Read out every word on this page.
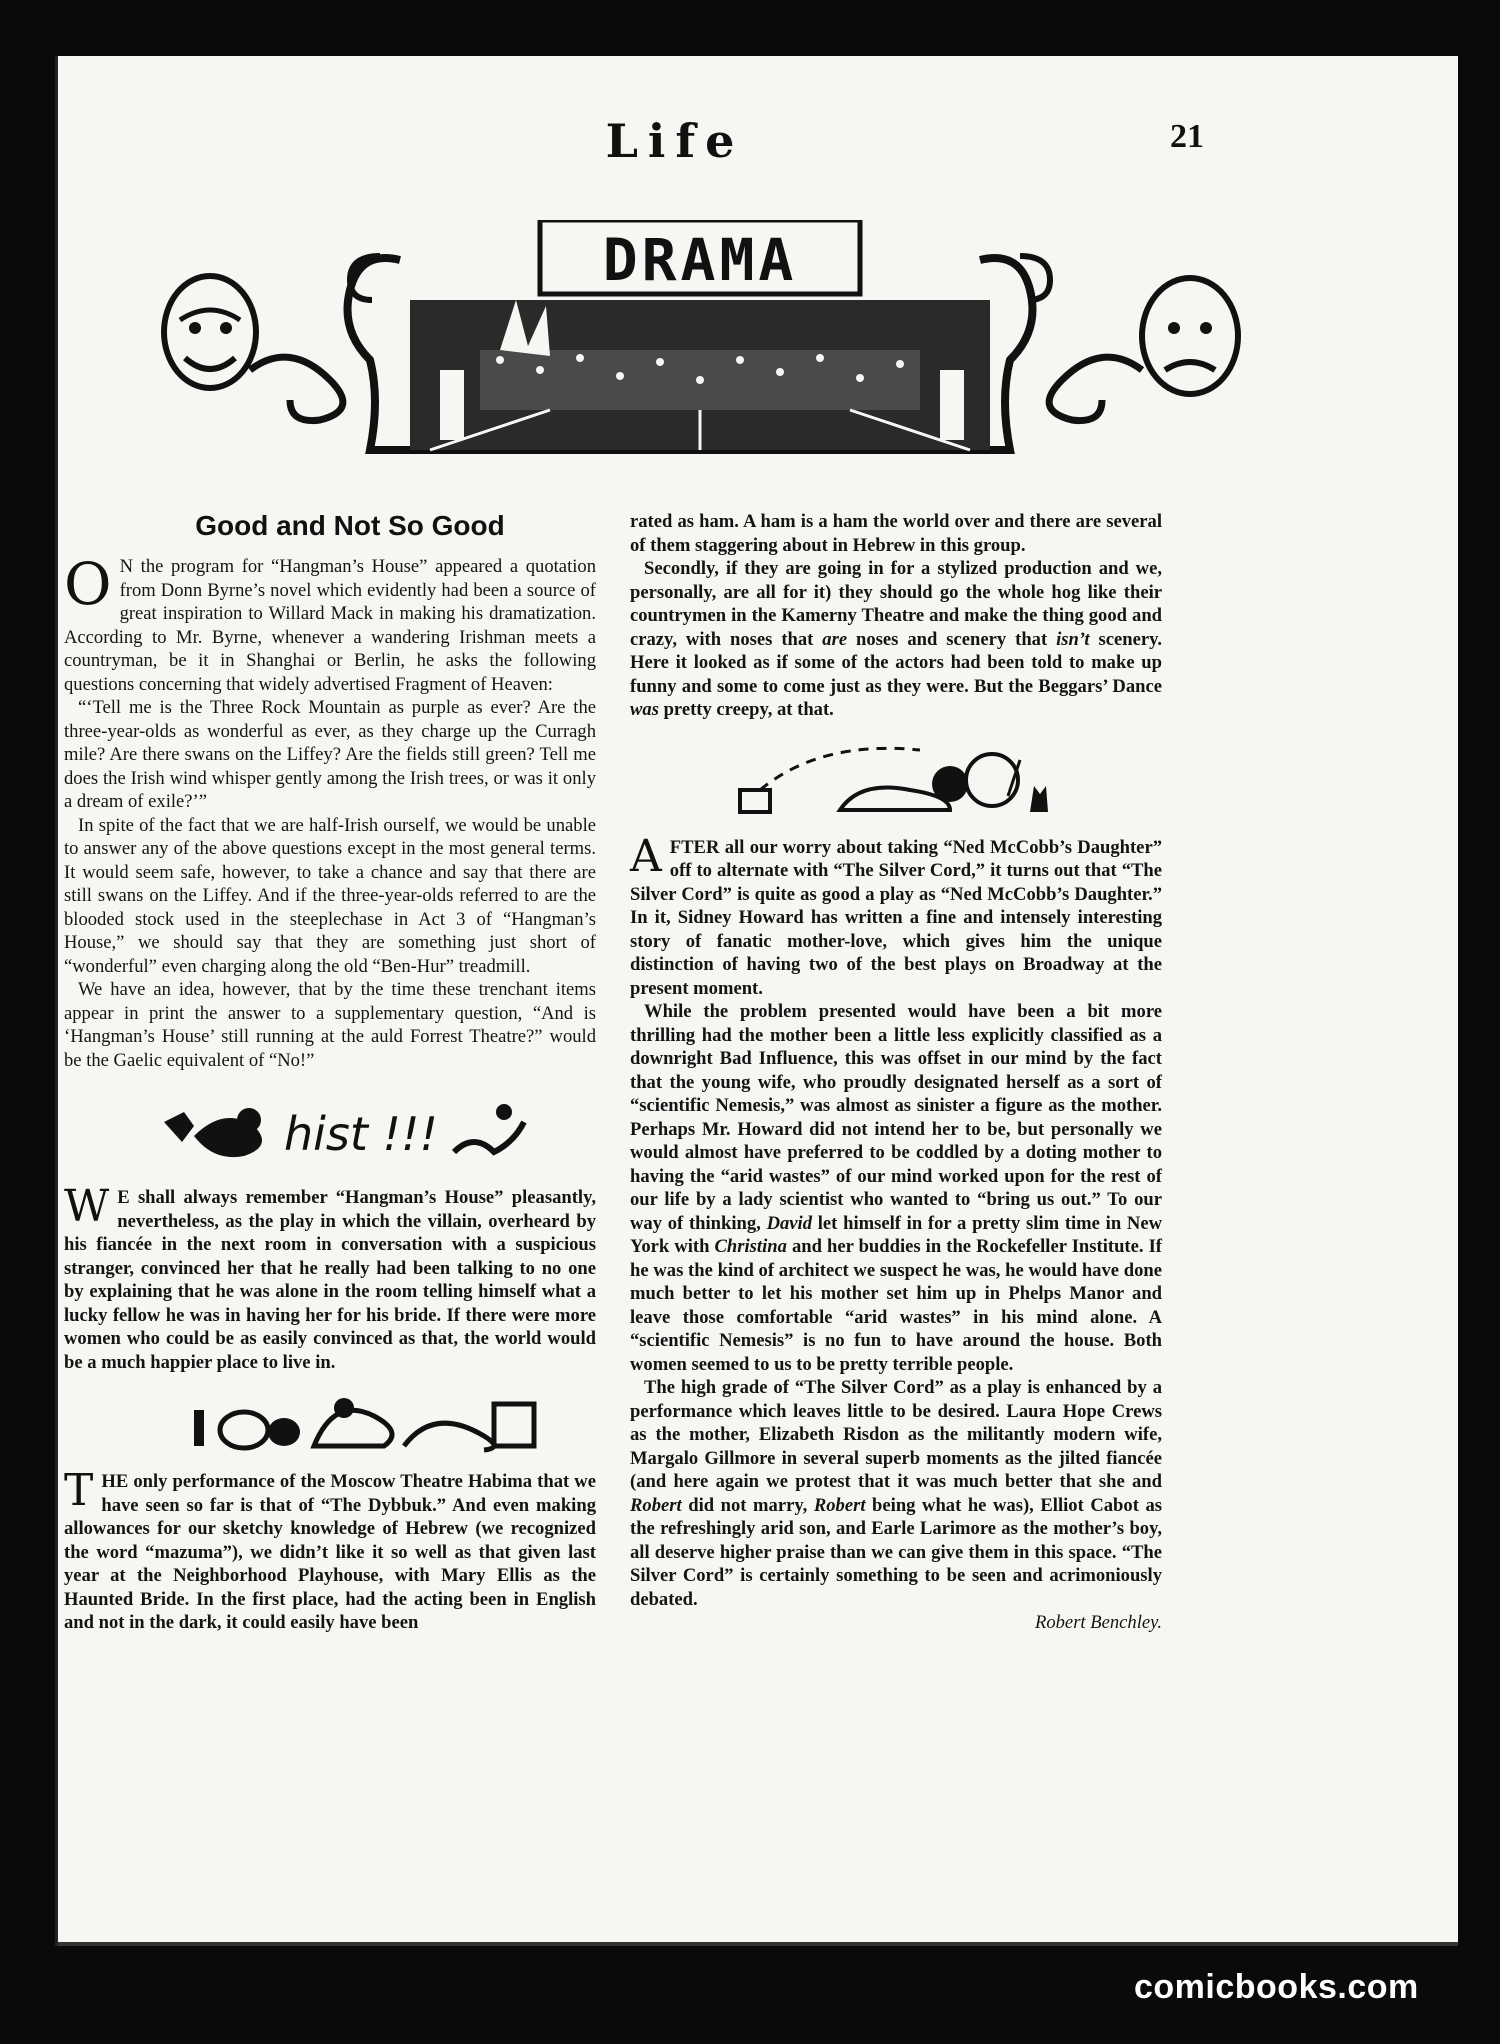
Life	21
DRAMA
Good and Not So Good

O N the program for “Hangman’s House” appeared a quotation from Donn Byrne’s novel which evidently had been a source of great inspiration to Willard Mack in making his dramatization. According to Mr. Byrne, whenever a wandering Irishman meets a countryman, be it in Shanghai or Berlin, he asks the following questions concerning that widely advertised Fragment of Heaven:

“‘Tell me is the Three Rock Mountain as purple as ever? Are the three-year-olds as wonderful as ever, as they charge up the Curragh mile? Are there swans on the Liffey? Are the fields still green? Tell me does the Irish wind whisper gently among the Irish trees, or was it only a dream of exile?’”

In spite of the fact that we are half-Irish ourself, we would be unable to answer any of the above questions except in the most general terms. It would seem safe, however, to take a chance and say that there are still swans on the Liffey. And if the three-year-olds referred to are the blooded stock used in the steeplechase in Act 3 of “Hangman’s House,” we should say that they are something just short of “wonderful” even charging along the old “Ben-Hur” treadmill.

We have an idea, however, that by the time these trenchant items appear in print the answer to a supplementary question, “And is ‘Hangman’s House’ still running at the auld Forrest Theatre?” would be the Gaelic equivalent of “No!”

hist !!!

W E shall always remember “Hangman’s House” pleasantly, nevertheless, as the play in which the villain, overheard by his fiancée in the next room in conversation with a suspicious stranger, convinced her that he really had been talking to no one by explaining that he was alone in the room telling himself what a lucky fellow he was in having her for his bride. If there were more women who could be as easily convinced as that, the world would be a much happier place to live in.

THE only performance of the Moscow Theatre Habima that we have seen so far is that of “The Dybbuk.” And even making allowances for our sketchy knowledge of Hebrew (we recognized the word “mazuma”), we didn’t like it so well as that given last year at the Neighborhood Playhouse, with Mary Ellis as the Haunted Bride. In the first place, had the acting been in English and not in the dark, it could easily have been

rated as ham. A ham is a ham the world over and there are several of them staggering about in Hebrew in this group.

Secondly, if they are going in for a stylized production and we, personally, are all for it) they should go the whole hog like their countrymen in the Kamerny Theatre and make the thing good and crazy, with noses that are noses and scenery that isn’t scenery. Here it looked as if some of the actors had been told to make up funny and some to come just as they were. But the Beggars’ Dance was pretty creepy, at that.

AFTER all our worry about taking “Ned McCobb’s Daughter” off to alternate with “The Silver Cord,” it turns out that “The Silver Cord” is quite as good a play as “Ned McCobb’s Daughter.” In it, Sidney Howard has written a fine and intensely interesting story of fanatic mother-love, which gives him the unique distinction of having two of the best plays on Broadway at the present moment.

While the problem presented would have been a bit more thrilling had the mother been a little less explicitly classified as a downright Bad Influence, this was offset in our mind by the fact that the young wife, who proudly designated herself as a sort of “scientific Nemesis,” was almost as sinister a figure as the mother. Perhaps Mr. Howard did not intend her to be, but personally we would almost have preferred to be coddled by a doting mother to having the “arid wastes” of our mind worked upon for the rest of our life by a lady scientist who wanted to “bring us out.” To our way of thinking, David let himself in for a pretty slim time in New York with Christina and her buddies in the Rockefeller Institute. If he was the kind of architect we suspect he was, he would have done much better to let his mother set him up in Phelps Manor and leave those comfortable “arid wastes” in his mind alone. A “scientific Nemesis” is no fun to have around the house. Both women seemed to us to be pretty terrible people.

The high grade of “The Silver Cord” as a play is enhanced by a performance which leaves little to be desired. Laura Hope Crews as the mother, Elizabeth Risdon as the militantly modern wife, Margalo Gillmore in several superb moments as the jilted fiancée (and here again we protest that it was much better that she and Robert did not marry, Robert being what he was), Elliot Cabot as the refreshingly arid son, and Earle Larimore as the mother’s boy, all deserve higher praise than we can give them in this space. “The Silver Cord” is certainly something to be seen and acrimoniously debated.

Robert Benchley.

comicbooks.com
